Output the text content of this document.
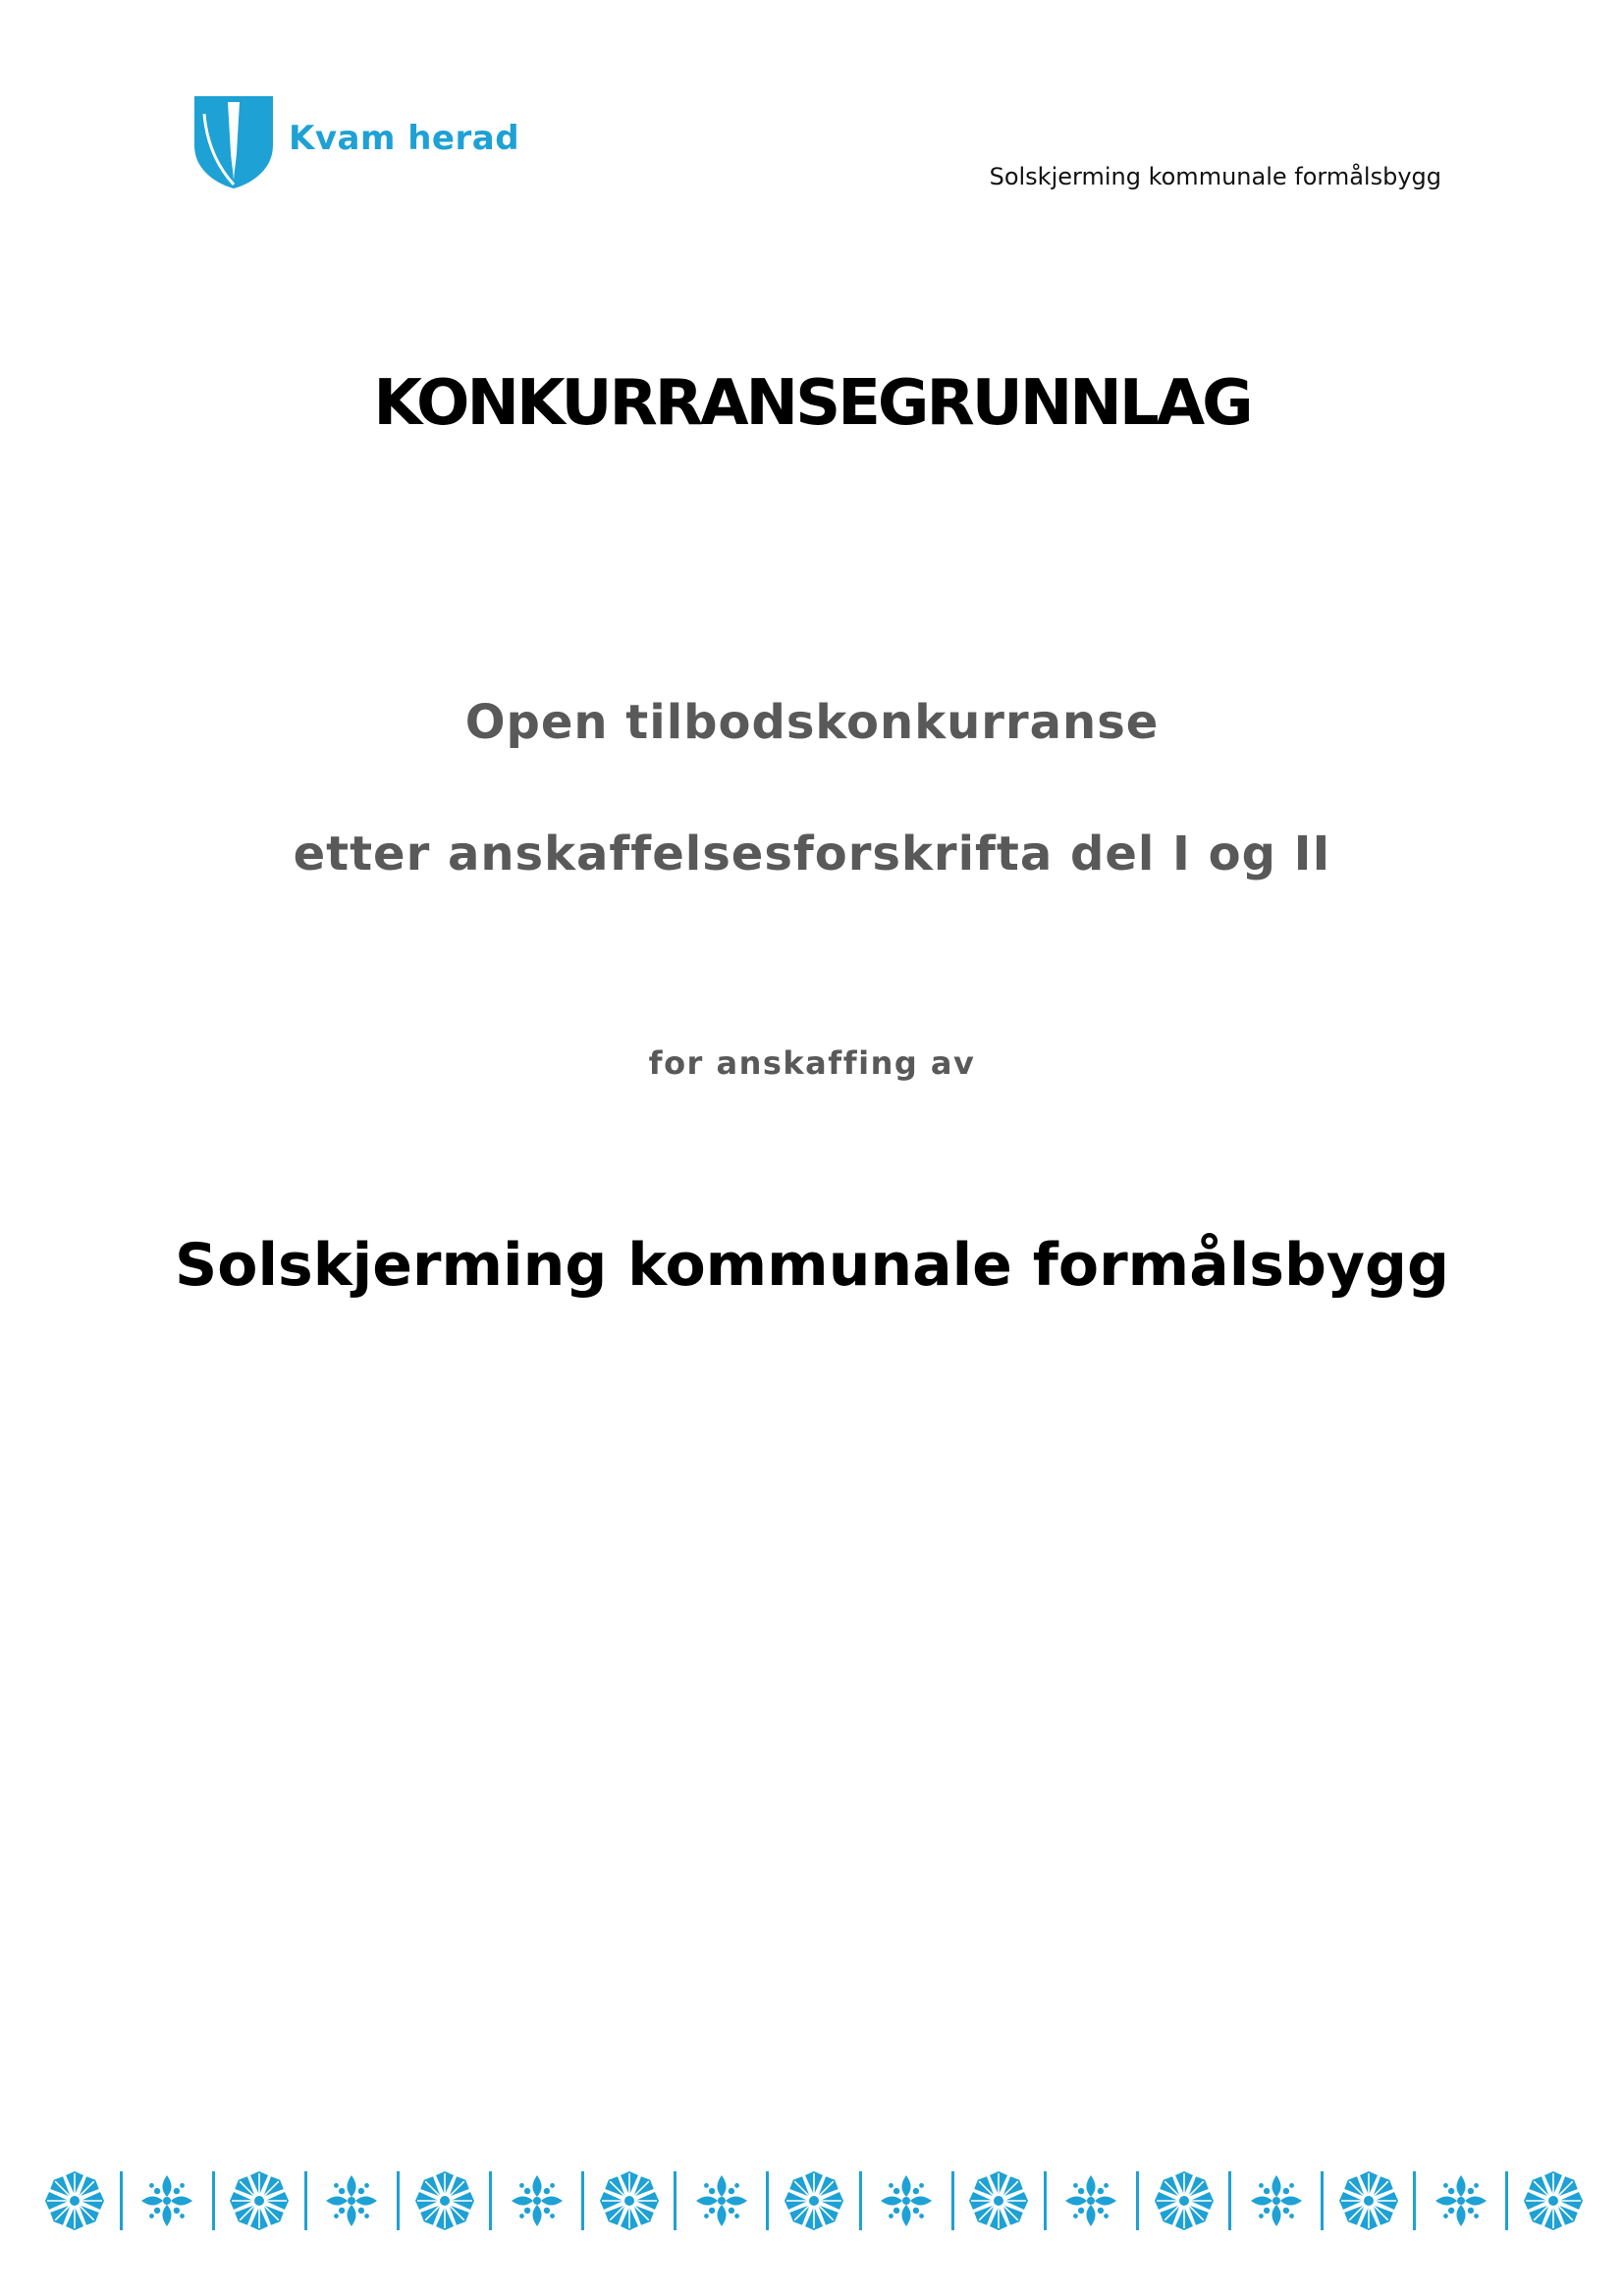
Kvam herad
Solskjerming kommunale formålsbygg
KONKURRANSEGRUNNLAG
Open tilbodskonkurranse
etter anskaffelsesforskrifta del I og II
for anskaffing av
Solskjerming kommunale formålsbygg
